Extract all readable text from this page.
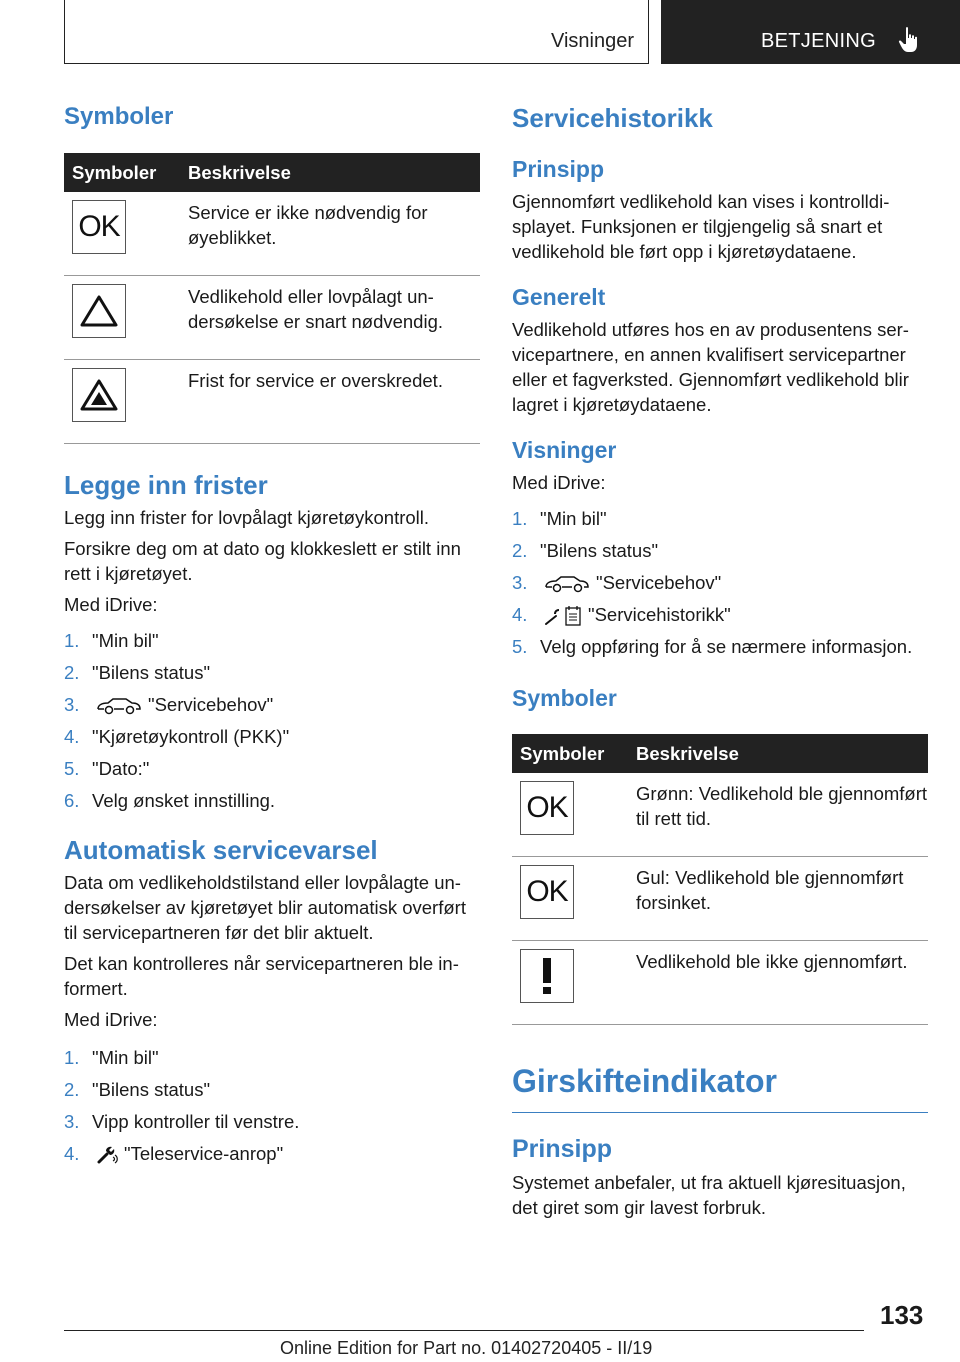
Visninger	BETJENING
Symboler
Symboler	Beskrivelse

OK	Service er ikke nødvendig for øyeblikket.

	Vedlikehold eller lovpålagt undersøkelse er snart nødvendig.

	Frist for service er overskredet.
Legge inn frister

Legg inn frister for lovpålagt kjøretøykontroll.

Forsikre deg om at dato og klokkeslett er stilt inn rett i kjøretøyet.

Med iDrive:

1. "Min bil"
2. "Bilens status"
3.	"Servicebehov"
4. "Kjøretøykontroll (PKK)"
5. "Dato:"
6. Velg ønsket innstilling.
Automatisk servicevarsel

Data om vedlikeholdstilstand eller lovpålagte undersøkelser av kjøretøyet blir automatisk overført til servicepartneren før det blir aktuelt.

Det kan kontrolleres når servicepartneren ble informert.

Med iDrive:

1. "Min bil"
2. "Bilens status"
3. Vipp kontroller til venstre.
4. "Teleservice-anrop"
Servicehistorikk
Prinsipp

Gjennomført vedlikehold kan vises i kontrolldisplayet. Funksjonen er tilgjengelig så snart et vedlikehold ble ført opp i kjøretøydataene.

Generelt

Vedlikehold utføres hos en av produsentens servicepartnere, en annen kvalifisert servicepartner eller et fagverksted. Gjennomført vedlikehold blir lagret i kjøretøydataene.

Visninger

Med iDrive:

1. "Min bil"
2. "Bilens status"
3.	"Servicebehov"
4.	"Servicehistorikk"
5. Velg oppføring for å se nærmere informasjon.
Symboler
Symboler	Beskrivelse

OK	Grønn: Vedlikehold ble gjennomført til rett tid.

OK	Gul: Vedlikehold ble gjennomført forsinket.

	Vedlikehold ble ikke gjennomført.
Girskifteindikator
Prinsipp

Systemet anbefaler, ut fra aktuell kjøresituasjon, det giret som gir lavest forbruk.

133
Online Edition for Part no. 01402720405 - II/19
